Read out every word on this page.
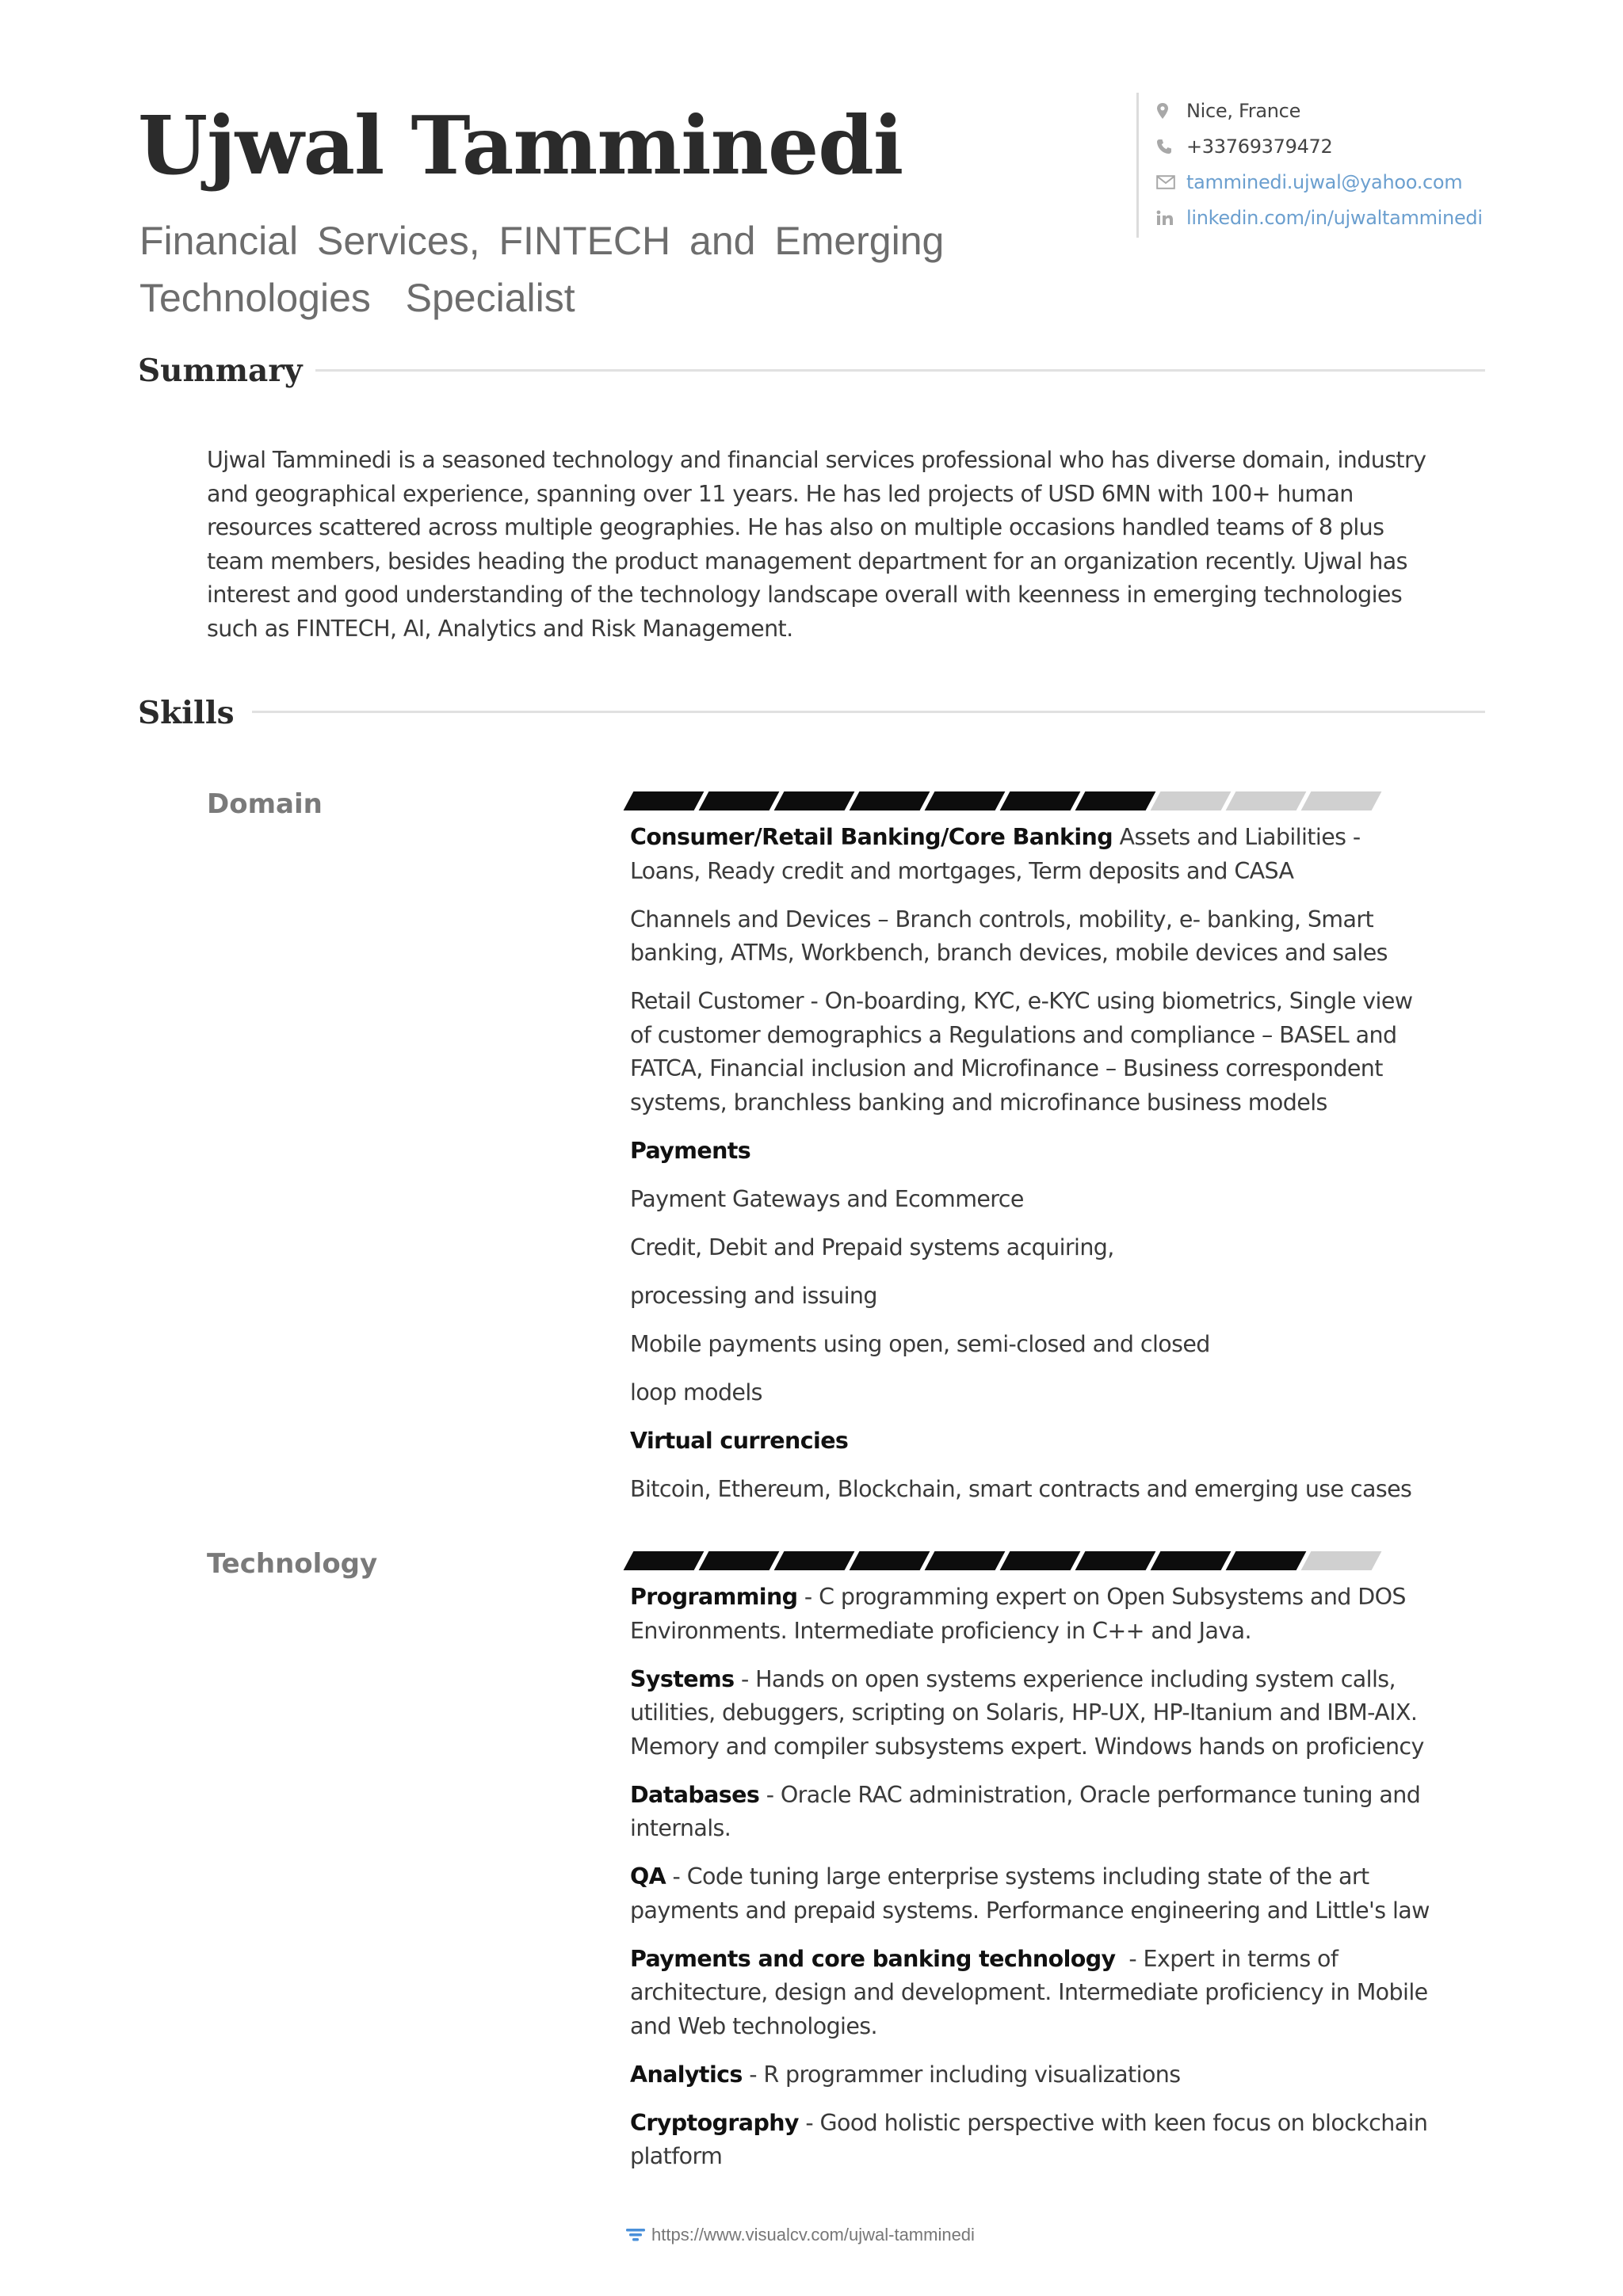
Ujwal Tamminedi
Financial Services, FINTECH and Emerging
Technologies  Specialist
Nice, France
+33769379472
tamminedi.ujwal@yahoo.com
linkedin.com/in/ujwaltamminedi
Summary
Ujwal Tamminedi is a seasoned technology and financial services professional who has diverse domain, industry and geographical experience, spanning over 11 years. He has led projects of USD 6MN with 100+ human resources scattered across multiple geographies. He has also on multiple occasions handled teams of 8 plus team members, besides heading the product management department for an organization recently. Ujwal has interest and good understanding of the technology landscape overall with keenness in emerging technologies such as FINTECH, AI, Analytics and Risk Management.
Skills
Domain

Consumer/Retail Banking/Core Banking Assets and Liabilities - Loans, Ready credit and mortgages, Term deposits and CASA

Channels and Devices – Branch controls, mobility, e- banking, Smart banking, ATMs, Workbench, branch devices, mobile devices and sales

Retail Customer - On-boarding, KYC, e-KYC using biometrics, Single view of customer demographics a Regulations and compliance – BASEL and FATCA, Financial inclusion and Microfinance – Business correspondent systems, branchless banking and microfinance business models

Payments

Payment Gateways and Ecommerce

Credit, Debit and Prepaid systems acquiring,

processing and issuing

Mobile payments using open, semi-closed and closed

loop models

Virtual currencies

Bitcoin, Ethereum, Blockchain, smart contracts and emerging use cases

Technology

Programming - C programming expert on Open Subsystems and DOS Environments. Intermediate proficiency in C++ and Java.

Systems - Hands on open systems experience including system calls, utilities, debuggers, scripting on Solaris, HP-UX, HP-Itanium and IBM-AIX. Memory and compiler subsystems expert. Windows hands on proficiency

Databases - Oracle RAC administration, Oracle performance tuning and internals.

QA - Code tuning large enterprise systems including state of the art payments and prepaid systems. Performance engineering and Little's law

Payments and core banking technology  - Expert in terms of architecture, design and development. Intermediate proficiency in Mobile and Web technologies.

Analytics - R programmer including visualizations

Cryptography - Good holistic perspective with keen focus on blockchain platform

https://www.visualcv.com/ujwal-tamminedi
